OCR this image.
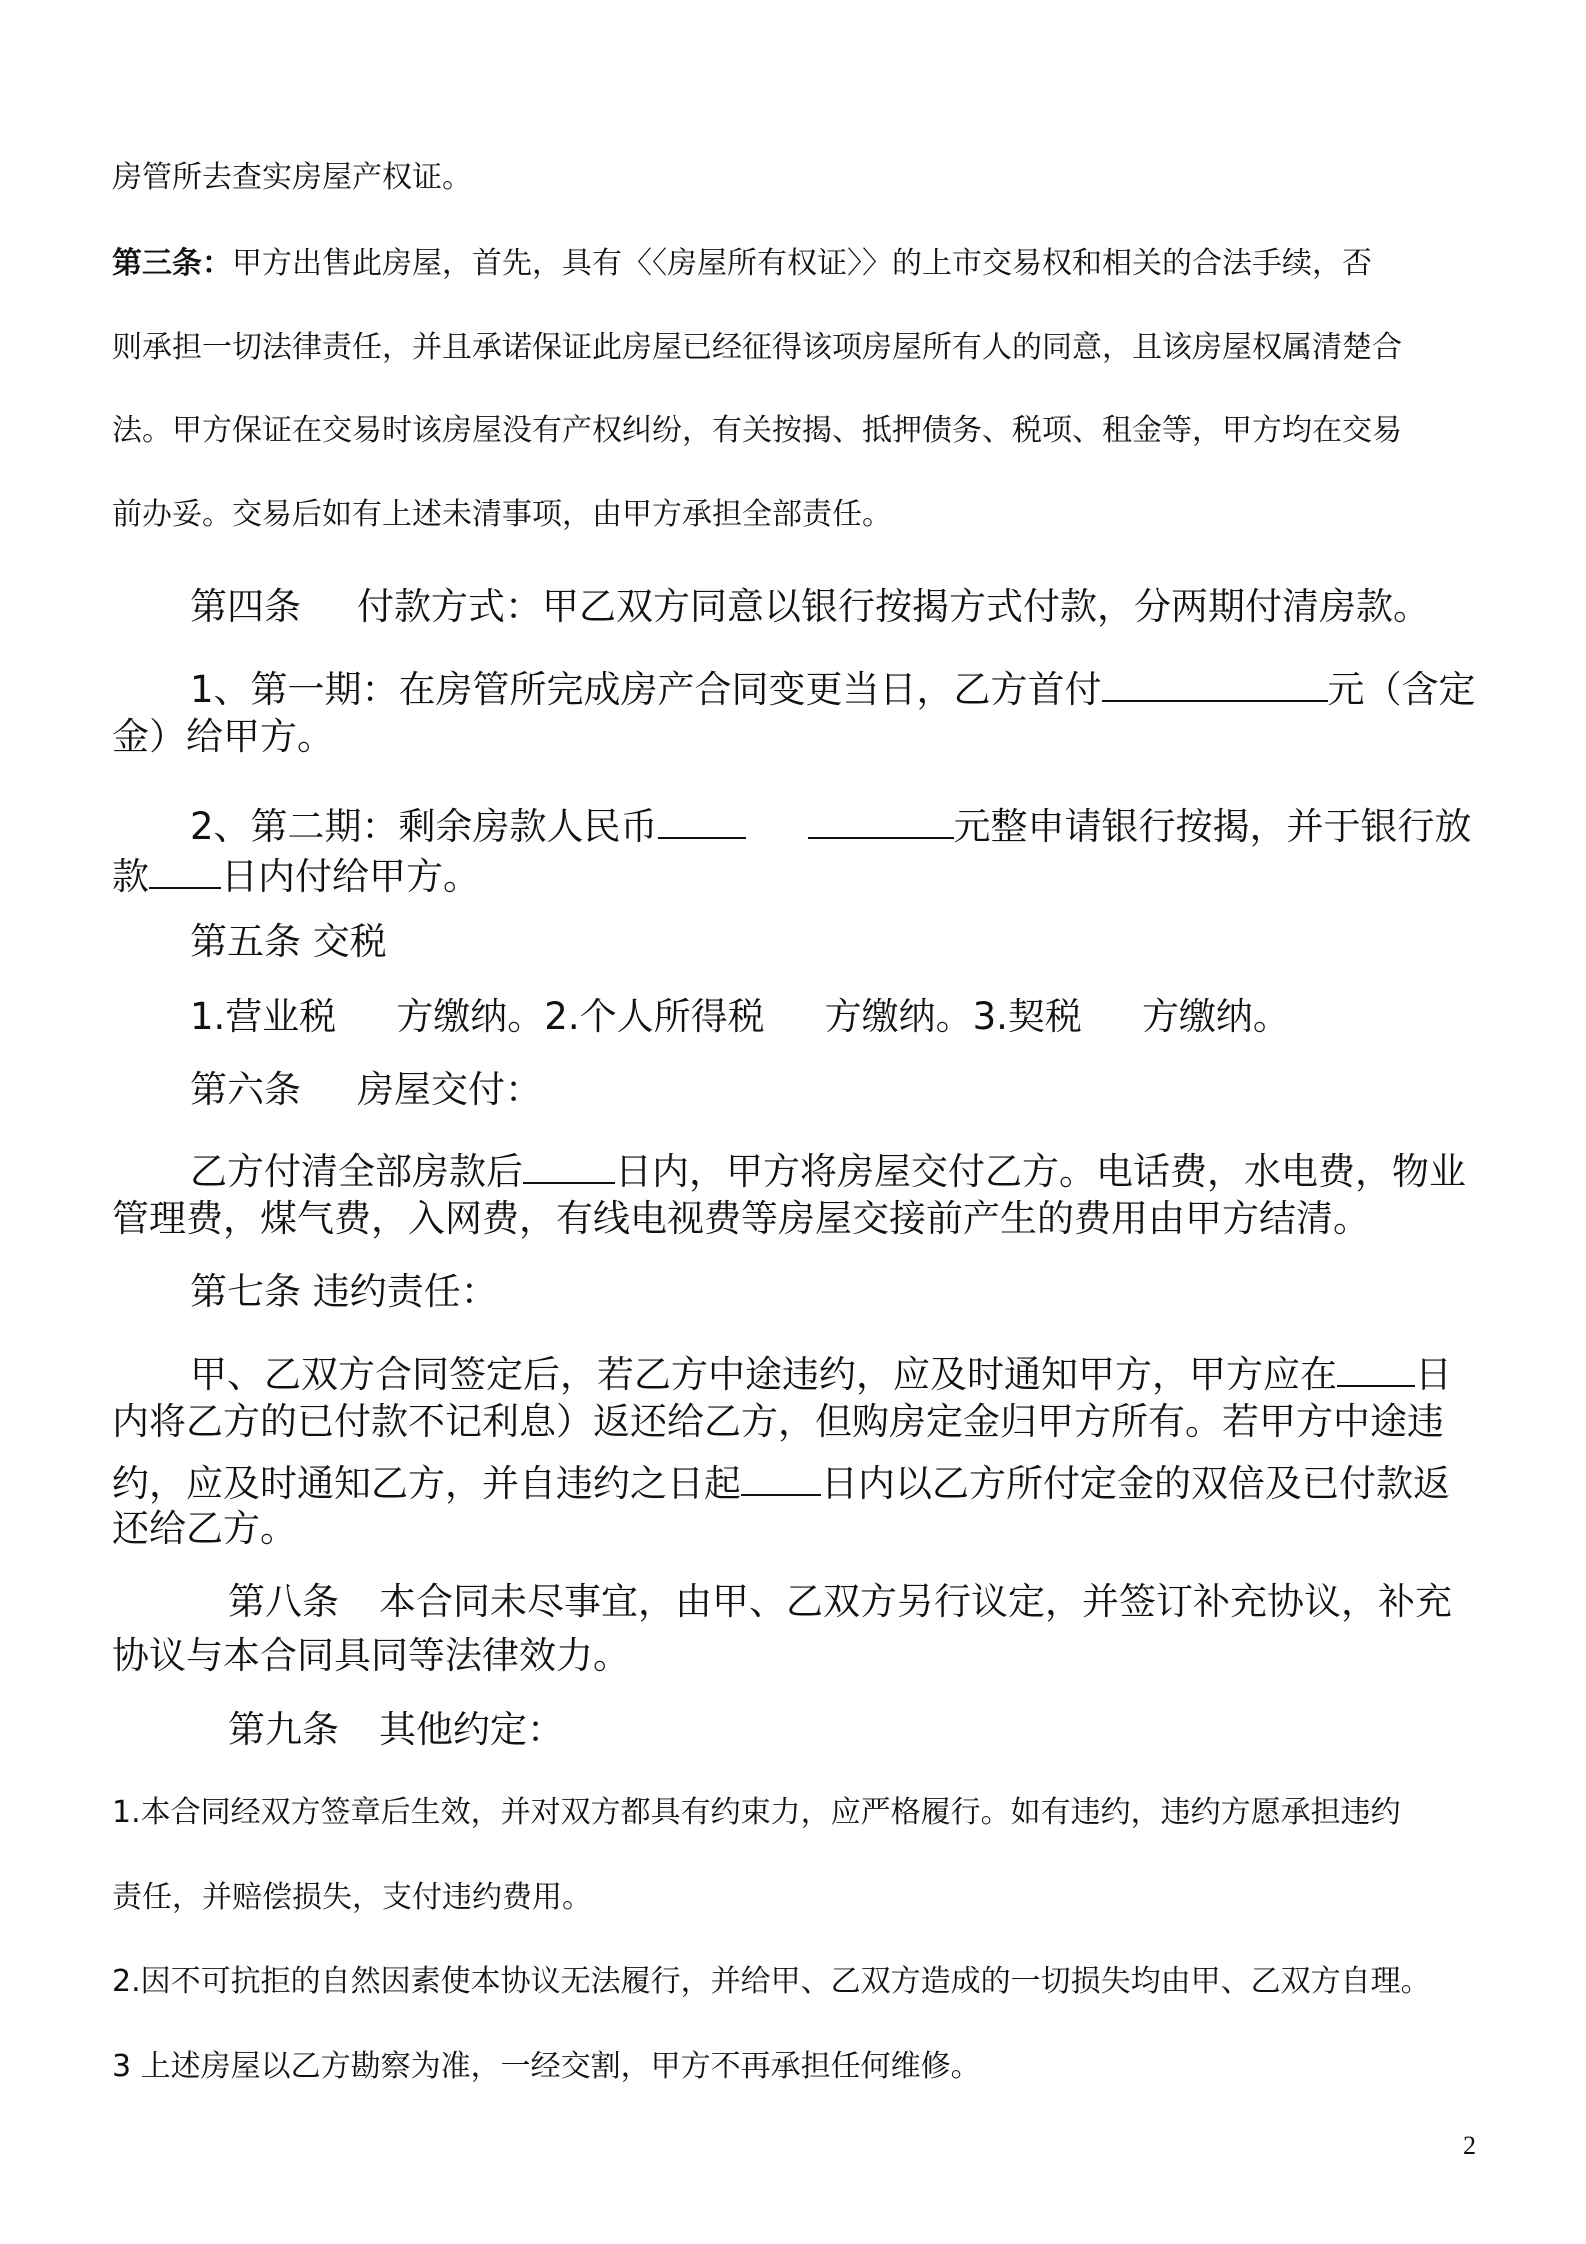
房管所去查实房屋产权证。
第三条：甲方出售此房屋，首先，具有〈〈房屋所有权证〉〉的上市交易权和相关的合法手续，否
则承担一切法律责任，并且承诺保证此房屋已经征得该项房屋所有人的同意，且该房屋权属清楚合
法。甲方保证在交易时该房屋没有产权纠纷，有关按揭、抵押债务、税项、租金等，甲方均在交易
前办妥。交易后如有上述未清事项，由甲方承担全部责任。
第四条 付款方式：甲乙双方同意以银行按揭方式付款，分两期付清房款。
1、第一期：在房管所完成房产合同变更当日，乙方首付	元（含定
金）给甲方。
2、第二期：剩余房款人民币	元整申请银行按揭，并于银行放
款 日内付给甲方。
第五条 交税
1.营业税 方缴纳。2.个人所得税 方缴纳。3.契税 方缴纳。
第六条 房屋交付：
乙方付清全部房款后 日内，甲方将房屋交付乙方。电话费，水电费，物业
管理费，煤气费，入网费，有线电视费等房屋交接前产生的费用由甲方结清。
第七条 违约责任：
甲、乙双方合同签定后，若乙方中途违约，应及时通知甲方，甲方应在 日
内将乙方的已付款不记利息）返还给乙方，但购房定金归甲方所有。若甲方中途违
约，应及时通知乙方，并自违约之日起 日内以乙方所付定金的双倍及已付款返
还给乙方。
第八条 本合同未尽事宜，由甲、乙双方另行议定，并签订补充协议，补充
协议与本合同具同等法律效力。
第九条 其他约定：
1.本合同经双方签章后生效，并对双方都具有约束力，应严格履行。如有违约，违约方愿承担违约
责任，并赔偿损失，支付违约费用。
2.因不可抗拒的自然因素使本协议无法履行，并给甲、乙双方造成的一切损失均由甲、乙双方自理。
3 上述房屋以乙方勘察为准，一经交割，甲方不再承担任何维修。
2
